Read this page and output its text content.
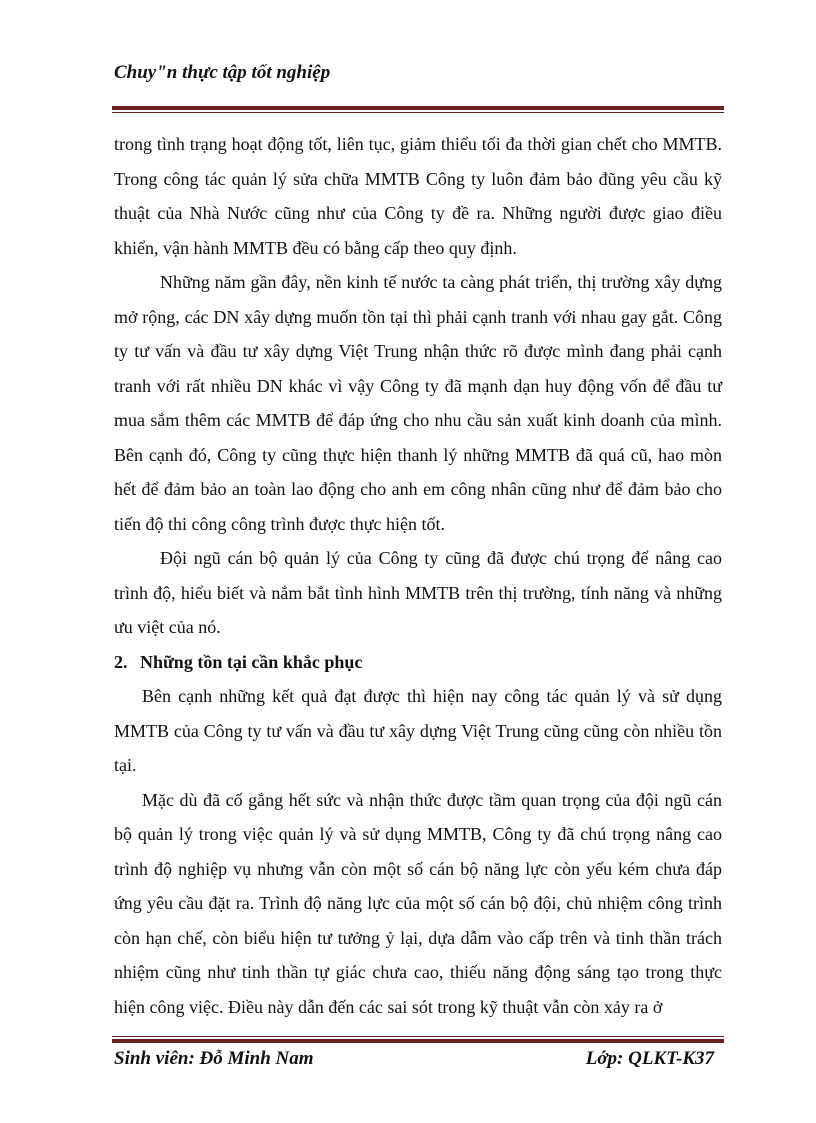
Chuy"n thực tập tốt nghiệp

trong tình trạng hoạt động tốt, liên tục, giảm thiểu tối đa thời gian chết cho MMTB. Trong công tác quản lý sửa chữa MMTB Công ty luôn đảm bảo đũng yêu cầu kỹ thuật của Nhà Nước cũng như của Công ty đề ra. Những người được giao điều khiển, vận hành MMTB đều có bằng cấp theo quy định.

Những năm gần đây, nền kinh tế nước ta càng phát triển, thị trường xây dựng mở rộng, các DN xây dựng muốn tồn tại thì phải cạnh tranh với nhau gay gắt. Công ty tư vấn và đầu tư xây dựng Việt Trung nhận thức rõ được mình đang phải cạnh tranh với rất nhiều DN khác vì vậy Công ty đã mạnh dạn huy động vốn để đầu tư mua sắm thêm các MMTB để đáp ứng cho nhu cầu sản xuất kinh doanh của mình. Bên cạnh đó, Công ty cũng thực hiện thanh lý những MMTB đã quá cũ, hao mòn hết để đảm bảo an toàn lao động cho anh em công nhân cũng như để đảm bảo cho tiến độ thi công công trình được thực hiện tốt.

Đội ngũ cán bộ quản lý của Công ty cũng đã được chú trọng để nâng cao trình độ, hiểu biết và nắm bắt tình hình MMTB trên thị trường, tính năng và những ưu việt của nó.

2. Những tồn tại cần khắc phục

Bên cạnh những kết quả đạt được thì hiện nay công tác quản lý và sử dụng MMTB của Công ty tư vấn và đầu tư xây dựng Việt Trung cũng cũng còn nhiều tồn tại.

Mặc dù đã cố gắng hết sức và nhận thức được tầm quan trọng của đội ngũ cán bộ quản lý trong việc quản lý và sử dụng MMTB, Công ty đã chú trọng nâng cao trình độ nghiệp vụ nhưng vẫn còn một số cán bộ năng lực còn yếu kém chưa đáp ứng yêu cầu đặt ra. Trình độ năng lực của một số cán bộ đội, chủ nhiệm công trình còn hạn chế, còn biểu hiện tư tưởng ỷ lại, dựa dẫm vào cấp trên và tinh thần trách nhiệm cũng như tinh thần tự giác chưa cao, thiếu năng động sáng tạo trong thực hiện công việc. Điều này dẫn đến các sai sót trong kỹ thuật vẫn còn xảy ra ở

Sinh viên: Đỗ Minh Nam	Lớp: QLKT-K37
